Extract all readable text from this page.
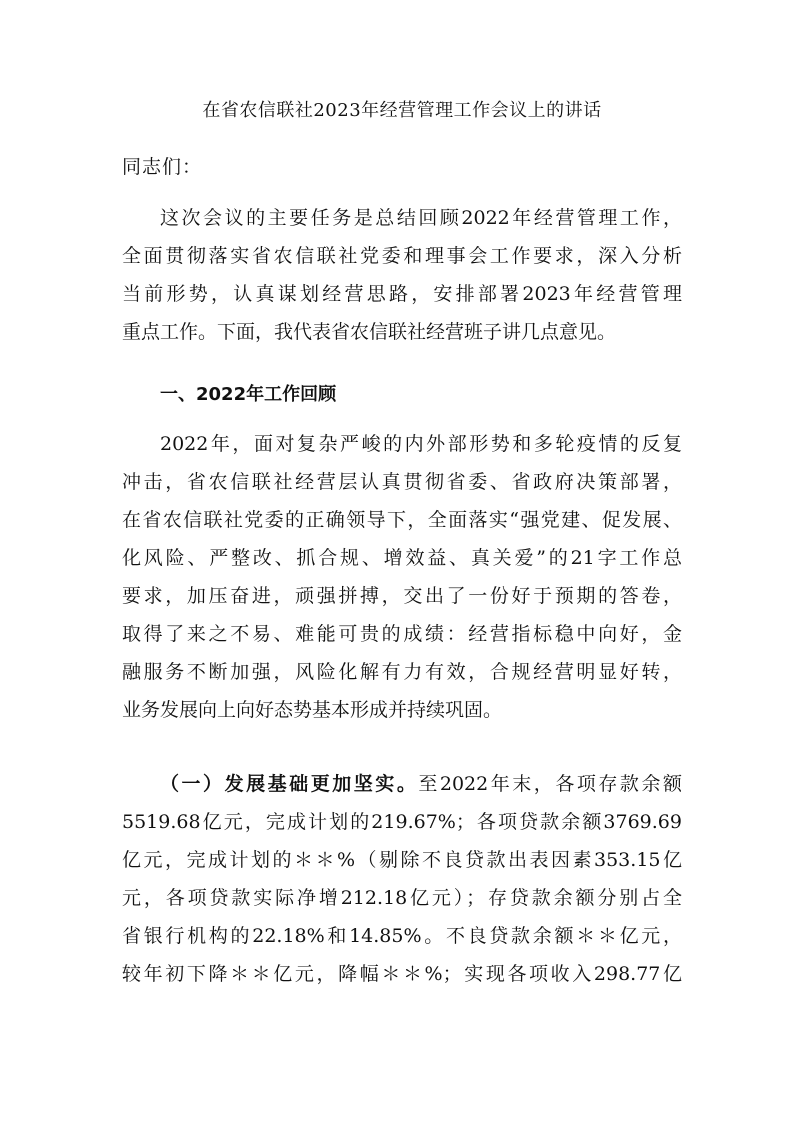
在省农信联社2023年经营管理工作会议上的讲话
同志们：
这次会议的主要任务是总结回顾2022年经营管理工作，
全面贯彻落实省农信联社党委和理事会工作要求，深入分析
当前形势，认真谋划经营思路，安排部署2023年经营管理
重点工作。下面，我代表省农信联社经营班子讲几点意见。
一、2022年工作回顾
2022年，面对复杂严峻的内外部形势和多轮疫情的反复
冲击，省农信联社经营层认真贯彻省委、省政府决策部署，
在省农信联社党委的正确领导下，全面落实“强党建、促发展、
化风险、严整改、抓合规、增效益、真关爱”的21字工作总
要求，加压奋进，顽强拼搏，交出了一份好于预期的答卷，
取得了来之不易、难能可贵的成绩：经营指标稳中向好，金
融服务不断加强，风险化解有力有效，合规经营明显好转，
业务发展向上向好态势基本形成并持续巩固。
（一）发展基础更加坚实。至2022年末，各项存款余额
5519.68亿元，完成计划的219.67%；各项贷款余额3769.69
亿元，完成计划的＊＊%（剔除不良贷款出表因素353.15亿
元，各项贷款实际净增212.18亿元）；存贷款余额分别占全
省银行机构的22.18%和14.85%。不良贷款余额＊＊亿元，
较年初下降＊＊亿元，降幅＊＊%；实现各项收入298.77亿
